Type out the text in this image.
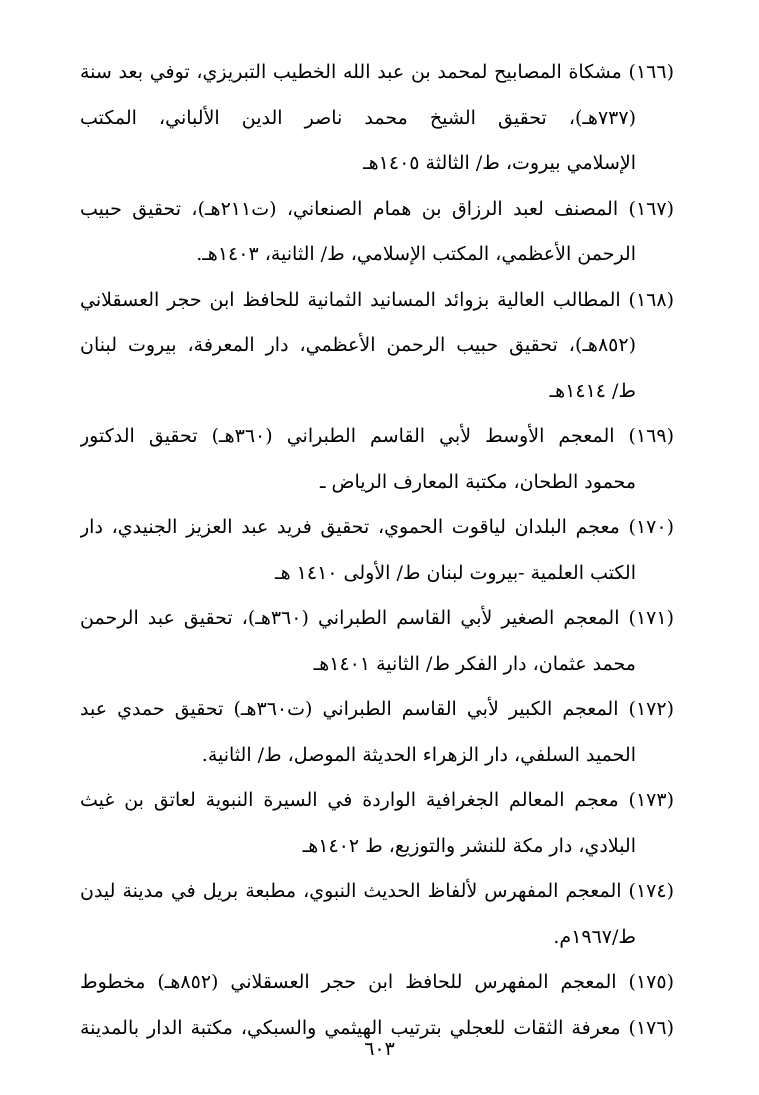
(١٦٦) مشكاة المصابيح لمحمد بن عبد الله الخطيب التبريزي، توفي بعد سنة
(٧٣٧هـ)، تحقيق الشيخ محمد ناصر الدين الألباني، المكتب
الإسلامي بيروت، ط/ الثالثة ١٤٠٥هـ
(١٦٧) المصنف لعبد الرزاق بن همام الصنعاني، (ت٢١١هـ)، تحقيق حبيب
الرحمن الأعظمي، المكتب الإسلامي، ط/ الثانية، ١٤٠٣هـ.
(١٦٨) المطالب العالية بزوائد المسانيد الثمانية للحافظ ابن حجر العسقلاني
(٨٥٢هـ)، تحقيق حبيب الرحمن الأعظمي، دار المعرفة، بيروت لبنان
ط/ ١٤١٤هـ
(١٦٩) المعجم الأوسط لأبي القاسم الطبراني (٣٦٠هـ) تحقيق الدكتور
محمود الطحان، مكتبة المعارف الرياض ـ
(١٧٠) معجم البلدان لياقوت الحموي، تحقيق فريد عبد العزيز الجنيدي، دار
الكتب العلمية -بيروت لبنان ط/ الأولى ١٤١٠ هـ
(١٧١) المعجم الصغير لأبي القاسم الطبراني (٣٦٠هـ)، تحقيق عبد الرحمن
محمد عثمان، دار الفكر ط/ الثانية ١٤٠١هـ
(١٧٢) المعجم الكبير لأبي القاسم الطبراني (ت٣٦٠هـ) تحقيق حمدي عبد
الحميد السلفي، دار الزهراء الحديثة الموصل، ط/ الثانية.
(١٧٣) معجم المعالم الجغرافية الواردة في السيرة النبوية لعاتق بن غيث
البلادي، دار مكة للنشر والتوزيع، ط ١٤٠٢هـ
(١٧٤) المعجم المفهرس لألفاظ الحديث النبوي، مطبعة بريل في مدينة ليدن
ط/١٩٦٧م.
(١٧٥) المعجم المفهرس للحافظ ابن حجر العسقلاني (٨٥٢هـ) مخطوط
(١٧٦) معرفة الثقات للعجلي بترتيب الهيثمي والسبكي، مكتبة الدار بالمدينة
٦٠٣
